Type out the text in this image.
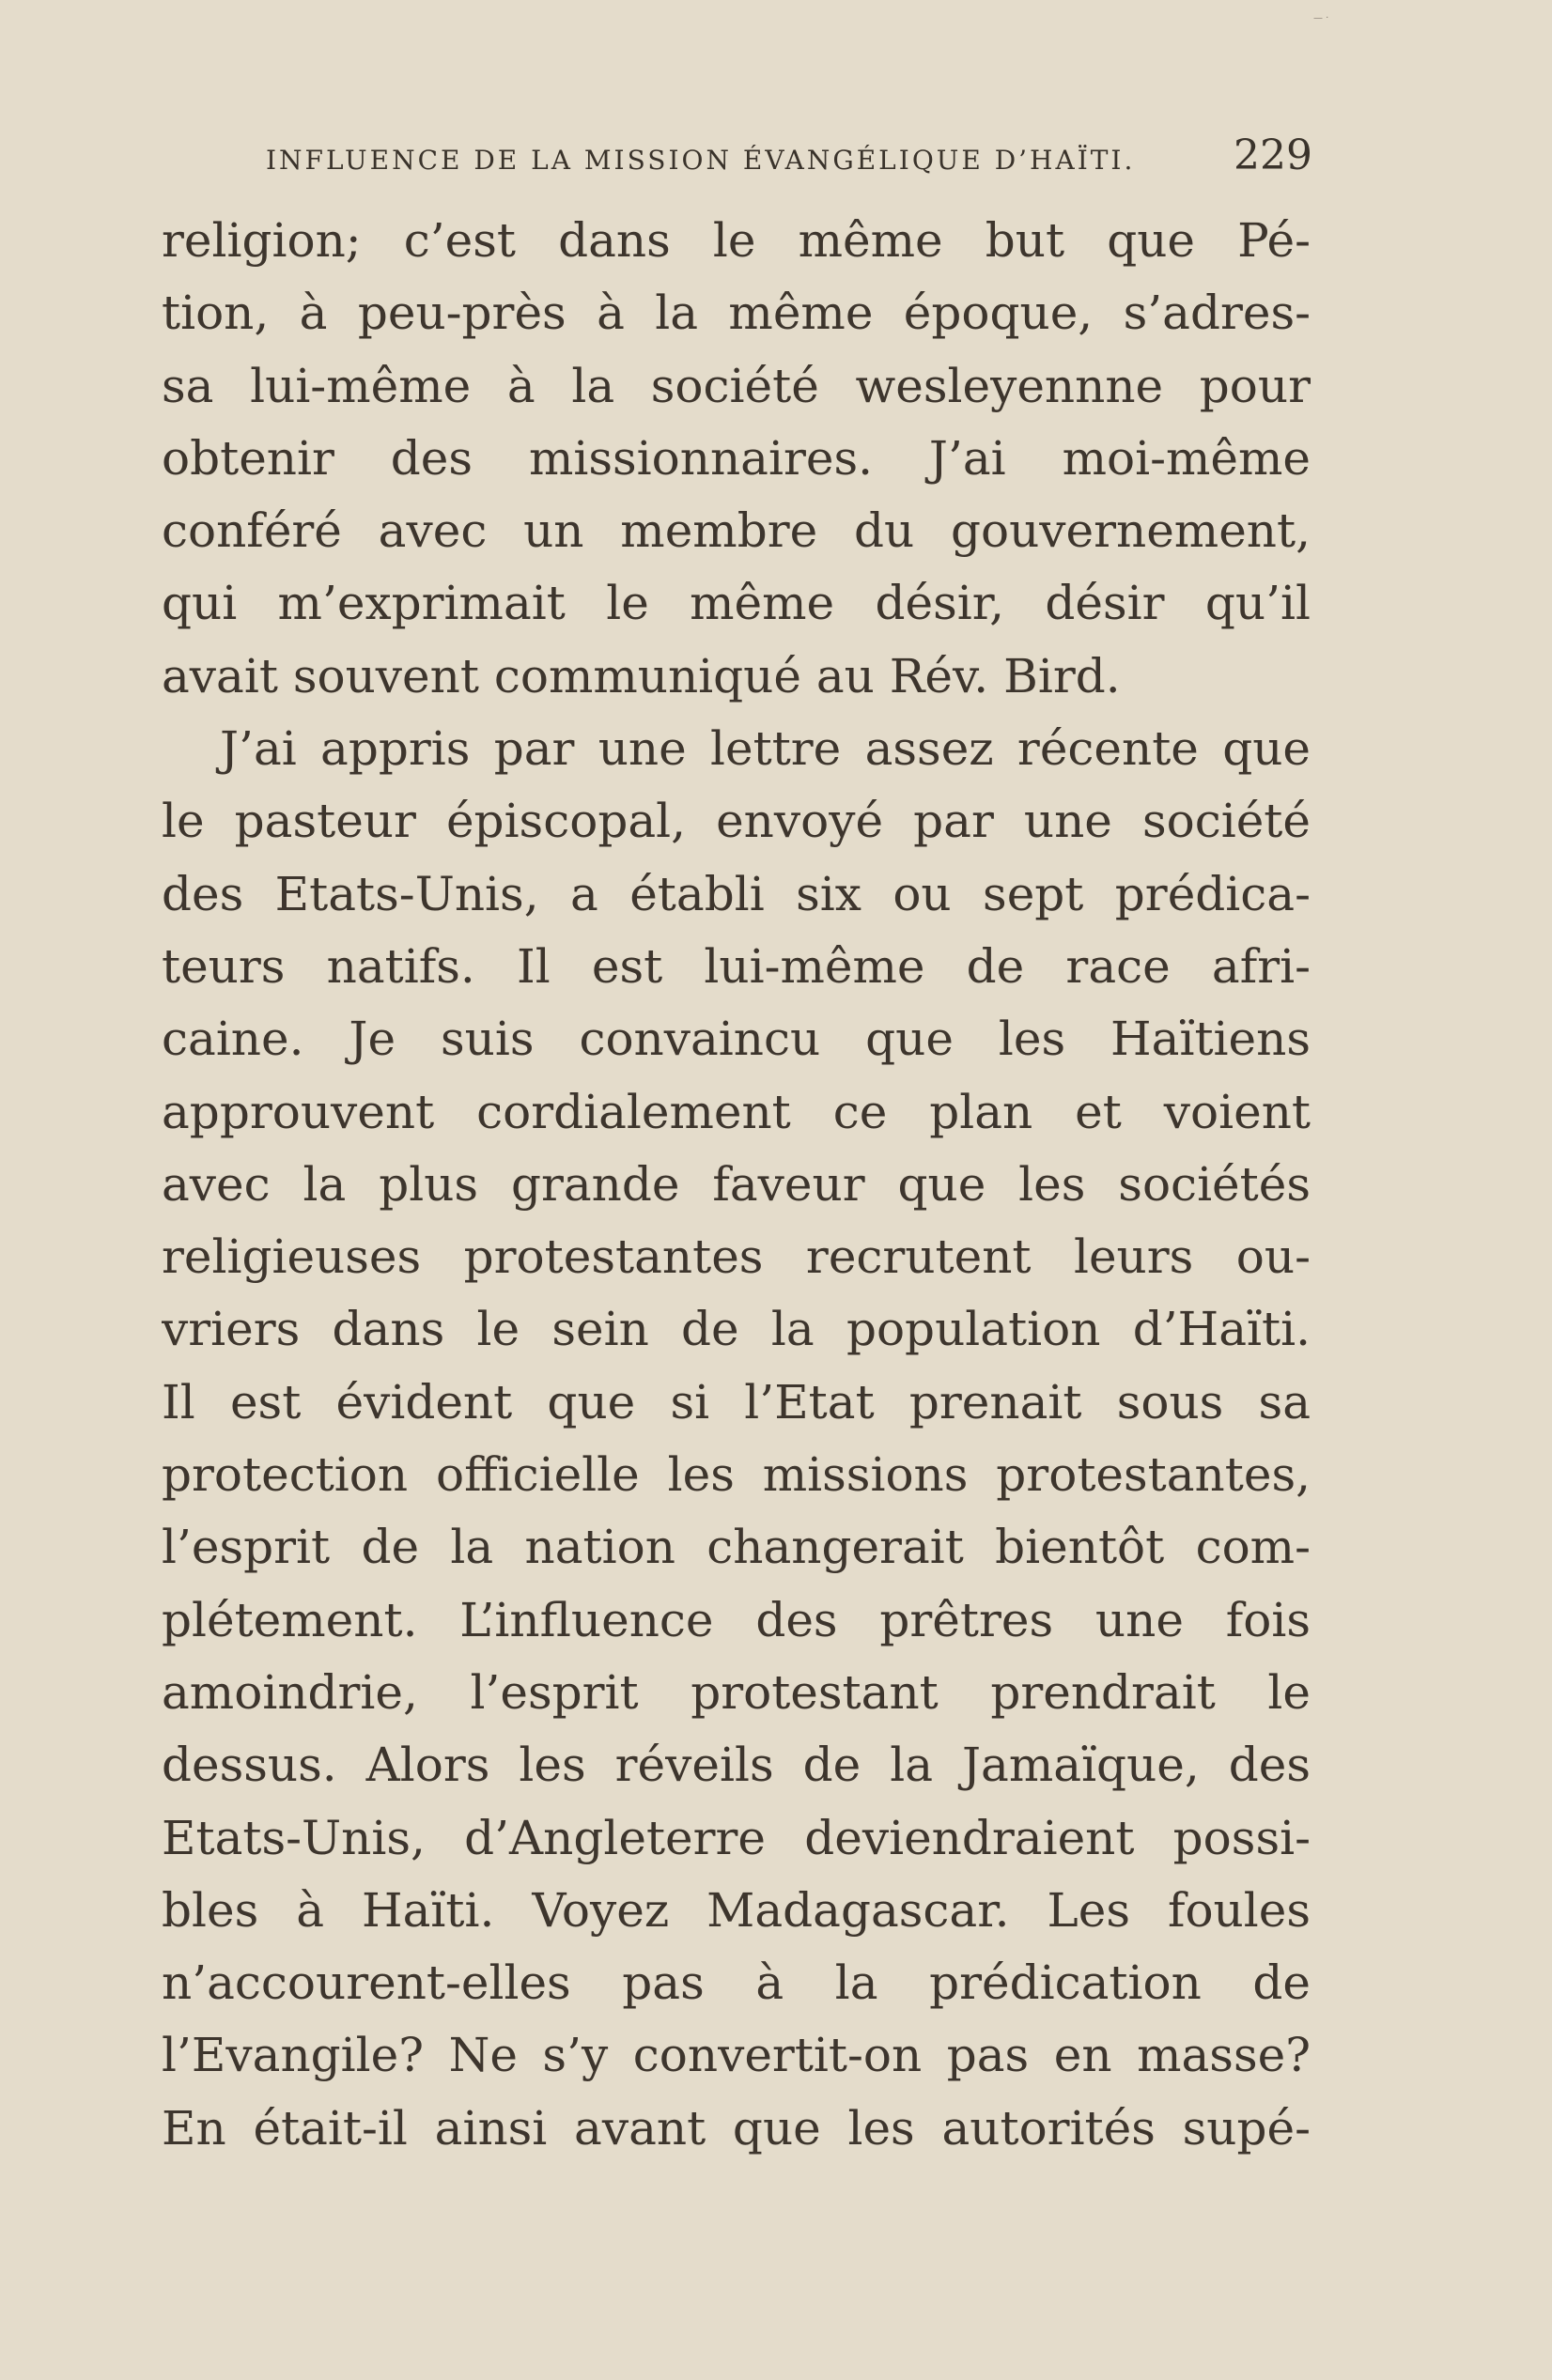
— ·
INFLUENCE DE LA MISSION ÉVANGÉLIQUE D’HAÏTI. 229
religion; c’est dans le même but que Pé-
tion, à peu-près à la même époque, s’adres-
sa lui-même à la société wesleyennne pour
obtenir des missionnaires. J’ai moi-même
conféré avec un membre du gouvernement,
qui m’exprimait le même désir, désir qu’il
avait souvent communiqué au Rév. Bird.
J’ai appris par une lettre assez récente que
le pasteur épiscopal, envoyé par une société
des Etats-Unis, a établi six ou sept prédica-
teurs natifs. Il est lui-même de race afri-
caine. Je suis convaincu que les Haïtiens
approuvent cordialement ce plan et voient
avec la plus grande faveur que les sociétés
religieuses protestantes recrutent leurs ou-
vriers dans le sein de la population d’Haïti.
Il est évident que si l’Etat prenait sous sa
protection officielle les missions protestantes,
l’esprit de la nation changerait bientôt com-
plétement. L’influence des prêtres une fois
amoindrie, l’esprit protestant prendrait le
dessus. Alors les réveils de la Jamaïque, des
Etats-Unis, d’Angleterre deviendraient possi-
bles à Haïti. Voyez Madagascar. Les foules
n’accourent-elles pas à la prédication de
l’Evangile? Ne s’y convertit-on pas en masse?
En était-il ainsi avant que les autorités supé-
